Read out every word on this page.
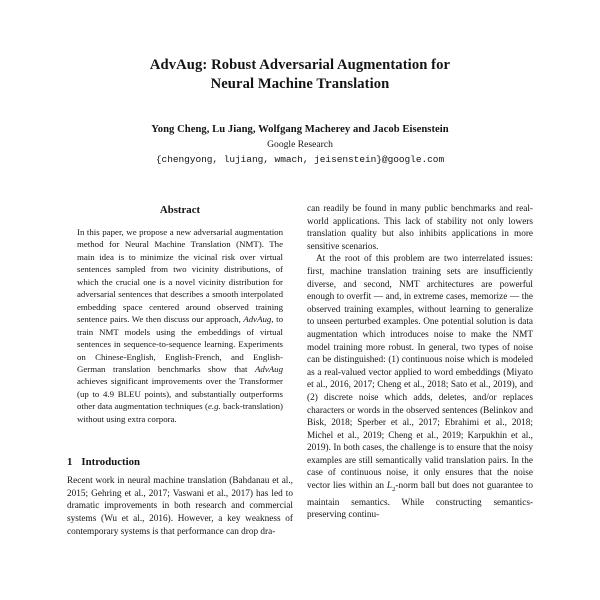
AdvAug: Robust Adversarial Augmentation for
Neural Machine Translation
Yong Cheng, Lu Jiang, Wolfgang Macherey and Jacob Eisenstein
Google Research
{chengyong, lujiang, wmach, jeisenstein}@google.com
Abstract
In this paper, we propose a new adversarial augmentation method for Neural Machine Translation (NMT). The main idea is to minimize the vicinal risk over virtual sentences sampled from two vicinity distributions, of which the crucial one is a novel vicinity distribution for adversarial sentences that describes a smooth interpolated embedding space centered around observed training sentence pairs. We then discuss our approach, AdvAug, to train NMT models using the embeddings of virtual sentences in sequence-to-sequence learning. Experiments on Chinese-English, English-French, and English-German translation benchmarks show that AdvAug achieves significant improvements over the Transformer (up to 4.9 BLEU points), and substantially outperforms other data augmentation techniques (e.g. back-translation) without using extra corpora.
1 Introduction

Recent work in neural machine translation (Bahdanau et al., 2015; Gehring et al., 2017; Vaswani et al., 2017) has led to dramatic improvements in both research and commercial systems (Wu et al., 2016). However, a key weakness of contemporary systems is that performance can drop dra-

can readily be found in many public benchmarks and real-world applications. This lack of stability not only lowers translation quality but also inhibits applications in more sensitive scenarios.

At the root of this problem are two interrelated issues: first, machine translation training sets are insufficiently diverse, and second, NMT architectures are powerful enough to overfit — and, in extreme cases, memorize — the observed training examples, without learning to generalize to unseen perturbed examples. One potential solution is data augmentation which introduces noise to make the NMT model training more robust. In general, two types of noise can be distinguished: (1) continuous noise which is modeled as a real-valued vector applied to word embeddings (Miyato et al., 2016, 2017; Cheng et al., 2018; Sato et al., 2019), and (2) discrete noise which adds, deletes, and/or replaces characters or words in the observed sentences (Belinkov and Bisk, 2018; Sperber et al., 2017; Ebrahimi et al., 2018; Michel et al., 2019; Cheng et al., 2019; Karpukhin et al., 2019). In both cases, the challenge is to ensure that the noisy examples are still semantically valid translation pairs. In the case of continuous noise, it only ensures that the noise vector lies within an $L_2$-norm ball but does not guarantee to maintain semantics. While constructing semantics-preserving continu-
